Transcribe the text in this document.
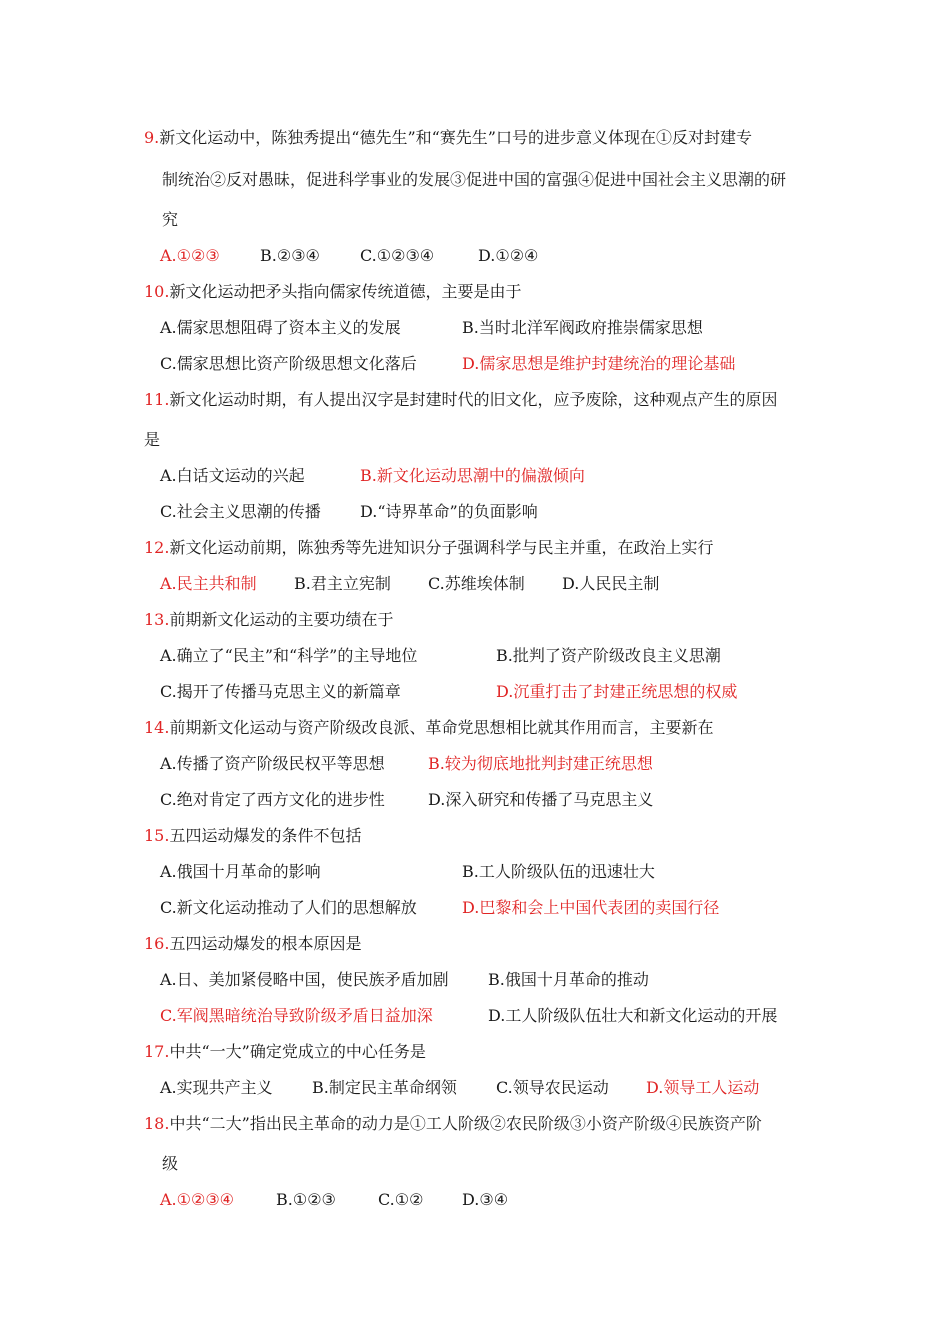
9.新文化运动中，陈独秀提出“德先生”和“赛先生”口号的进步意义体现在①反对封建专
制统治②反对愚昧，促进科学事业的发展③促进中国的富强④促进中国社会主义思潮的研
究
A.①②③	B.②③④	C.①②③④	D.①②④
10.新文化运动把矛头指向儒家传统道德，主要是由于
A.儒家思想阻碍了资本主义的发展	B.当时北洋军阀政府推崇儒家思想
C.儒家思想比资产阶级思想文化落后	D.儒家思想是维护封建统治的理论基础
11.新文化运动时期，有人提出汉字是封建时代的旧文化，应予废除，这种观点产生的原因
是
A.白话文运动的兴起	B.新文化运动思潮中的偏激倾向
C.社会主义思潮的传播 D.“诗界革命”的负面影响
12.新文化运动前期，陈独秀等先进知识分子强调科学与民主并重，在政治上实行
A.民主共和制 B.君主立宪制 C.苏维埃体制 D.人民民主制
13.前期新文化运动的主要功绩在于
A.确立了“民主”和“科学”的主导地位	B.批判了资产阶级改良主义思潮
C.揭开了传播马克思主义的新篇章	D.沉重打击了封建正统思想的权威
14.前期新文化运动与资产阶级改良派、革命党思想相比就其作用而言，主要新在
A.传播了资产阶级民权平等思想	B.较为彻底地批判封建正统思想
C.绝对肯定了西方文化的进步性	D.深入研究和传播了马克思主义
15.五四运动爆发的条件不包括
A.俄国十月革命的影响	B.工人阶级队伍的迅速壮大
C.新文化运动推动了人们的思想解放	D.巴黎和会上中国代表团的卖国行径
16.五四运动爆发的根本原因是
A.日、美加紧侵略中国，使民族矛盾加剧 B.俄国十月革命的推动
C.军阀黑暗统治导致阶级矛盾日益加深	D.工人阶级队伍壮大和新文化运动的开展
17.中共“一大”确定党成立的中心任务是
A.实现共产主义 B.制定民主革命纲领 C.领导农民运动 D.领导工人运动
18.中共“二大”指出民主革命的动力是①工人阶级②农民阶级③小资产阶级④民族资产阶
级
A.①②③④	B.①②③	C.①② D.③④
